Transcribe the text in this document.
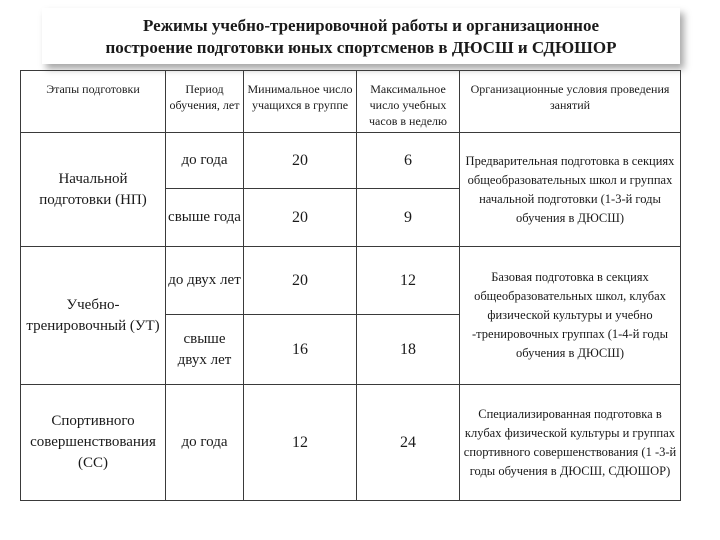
Режимы учебно-тренировочной работы и организационное
построение подготовки юных спортсменов в ДЮСШ и СДЮШОР
Этапы подготовки	Период обучения, лет	Минимальное число учащихся в группе	Максимальное число учебных часов в неделю	Организационные условия проведения занятий
Начальной подготовки (НП)	до года	20	6	Предварительная подготовка в секциях общеобразовательных школ и группах начальной подготовки (1-3-й годы обучения в ДЮСШ)
	свыше года	20	9	
Учебно-тренировочный (УТ)	до двух лет	20	12	Базовая подготовка в секциях общеобразовательных школ, клубах физической культуры и учебно -тренировочных группах (1-4-й годы обучения в ДЮСШ)
	свыше двух лет	16	18	
Спортивного совершенствования (СС)	до года	12	24	Специализированная подготовка в клубах физической культуры и группах спортивного совершенствования (1 -3-й годы обучения в ДЮСШ, СДЮШОР)
